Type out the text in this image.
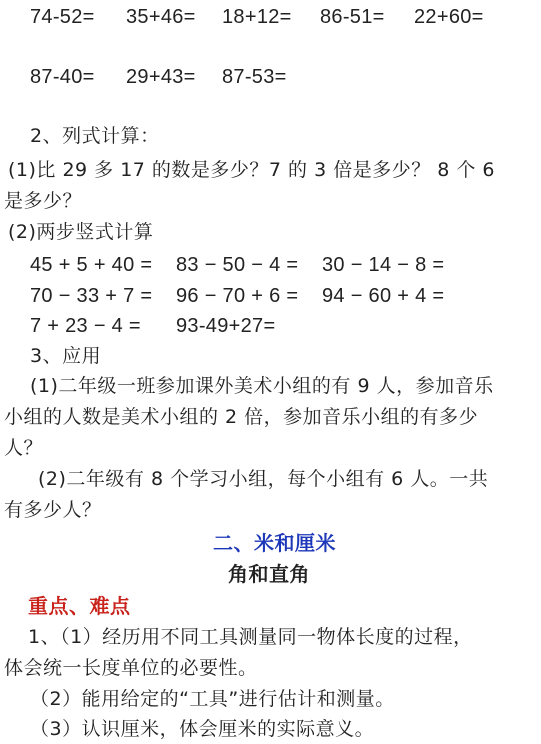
74-52= 35+46= 18+12= 86-51= 22+60=
87-40= 29+43= 87-53=
2、列式计算：
(1)比 29 多 17 的数是多少？7 的 3 倍是多少？ 8 个 6
是多少？
(2)两步竖式计算
45 + 5 + 40 = 83 − 50 − 4 = 30 − 14 − 8 =
70 − 33 + 7 = 96 − 70 + 6 = 94 − 60 + 4 =
7 + 23 − 4 = 93-49+27=
3、应用
(1)二年级一班参加课外美术小组的有 9 人，参加音乐
小组的人数是美术小组的 2 倍，参加音乐小组的有多少
人？
(2)二年级有 8 个学习小组，每个小组有 6 人。一共
有多少人？
二、米和厘米
角和直角
重点、难点
1、（1）经历用不同工具测量同一物体长度的过程，
体会统一长度单位的必要性。
（2）能用给定的“工具”进行估计和测量。
（3）认识厘米，体会厘米的实际意义。
